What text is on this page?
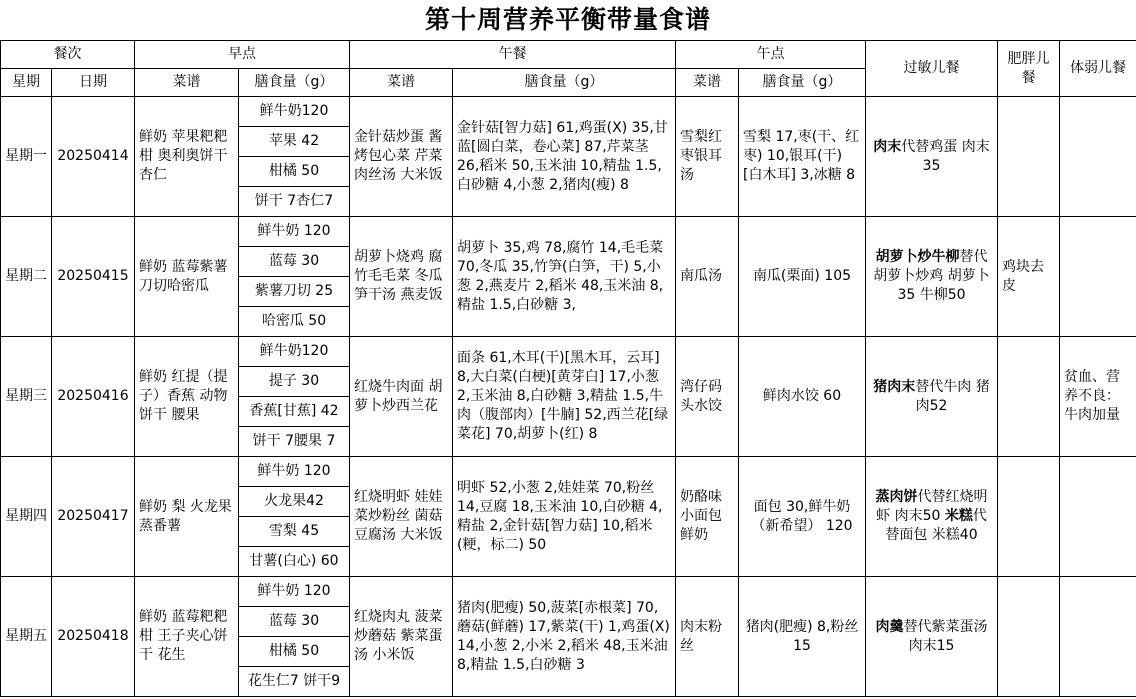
第十周营养平衡带量食谱
餐次		早点		午餐		午点		过敏儿餐	肥胖儿餐	体弱儿餐
星期	日期	菜谱	膳食量（g）	菜谱	膳食量（g）	菜谱	膳食量（g）			
星期一	20250414	鲜奶 苹果粑粑柑 奥利奥饼干杏仁	鲜牛奶120	金针菇炒蛋 酱烤包心菜 芹菜肉丝汤 大米饭	金针菇[智力菇] 61,鸡蛋(X) 35,甘蓝[圆白菜，卷心菜] 87,芹菜茎 26,稻米 50,玉米油 10,精盐 1.5,白砂糖 4,小葱 2,猪肉(瘦) 8	雪梨红枣银耳汤	雪梨 17,枣(干、红枣) 10,银耳(干)[白木耳] 3,冰糖 8	肉末代替鸡蛋 肉末35		
			苹果 42							
			柑橘 50							
			饼干 7杏仁7							
星期二	20250415	鲜奶 蓝莓紫薯刀切哈密瓜	鲜牛奶 120	胡萝卜烧鸡 腐竹毛毛菜 冬瓜笋干汤 燕麦饭	胡萝卜 35,鸡 78,腐竹 14,毛毛菜 70,冬瓜 35,竹笋(白笋，干) 5,小葱 2,燕麦片 2,稻米 48,玉米油 8,精盐 1.5,白砂糖 3,	南瓜汤	南瓜(栗面) 105	胡萝卜炒牛柳替代胡萝卜炒鸡 胡萝卜35 牛柳50	鸡块去皮	
			蓝莓 30							
			紫薯刀切 25							
			哈密瓜 50							
星期三	20250416	鲜奶 红提（提子）香蕉 动物饼干 腰果	鲜牛奶120	红烧牛肉面 胡萝卜炒西兰花	面条 61,木耳(干)[黑木耳，云耳] 8,大白菜(白梗)[黄芽白] 17,小葱 2,玉米油 8,白砂糖 3,精盐 1.5,牛肉（腹部肉）[牛腩] 52,西兰花[绿菜花] 70,胡萝卜(红) 8	湾仔码头水饺	鲜肉水饺 60	猪肉末替代牛肉 猪肉52		贫血、营养不良：牛肉加量
			提子 30							
			香蕉[甘蕉] 42							
			饼干 7腰果 7							
星期四	20250417	鲜奶 梨 火龙果 蒸番薯	鲜牛奶 120	红烧明虾 娃娃菜炒粉丝 菌菇豆腐汤 大米饭	明虾 52,小葱 2,娃娃菜 70,粉丝 14,豆腐 18,玉米油 10,白砂糖 4,精盐 2,金针菇[智力菇] 10,稻米(粳，标二) 50	奶酪味小面包 鲜奶	面包 30,鲜牛奶（新希望） 120	蒸肉饼代替红烧明虾 肉末50 米糕代替面包 米糕40		
			火龙果42							
			雪梨 45							
			甘薯(白心) 60							
星期五	20250418	鲜奶 蓝莓粑粑柑 王子夹心饼干 花生	鲜牛奶 120	红烧肉丸 菠菜炒蘑菇 紫菜蛋汤 小米饭	猪肉(肥瘦) 50,菠菜[赤根菜] 70,蘑菇(鲜蘑) 17,紫菜(干) 1,鸡蛋(X) 14,小葱 2,小米 2,稻米 48,玉米油 8,精盐 1.5,白砂糖 3	肉末粉丝	猪肉(肥瘦) 8,粉丝 15	肉羹替代紫菜蛋汤 肉末15		
			蓝莓 30							
			柑橘 50							
			花生仁7 饼干9							
